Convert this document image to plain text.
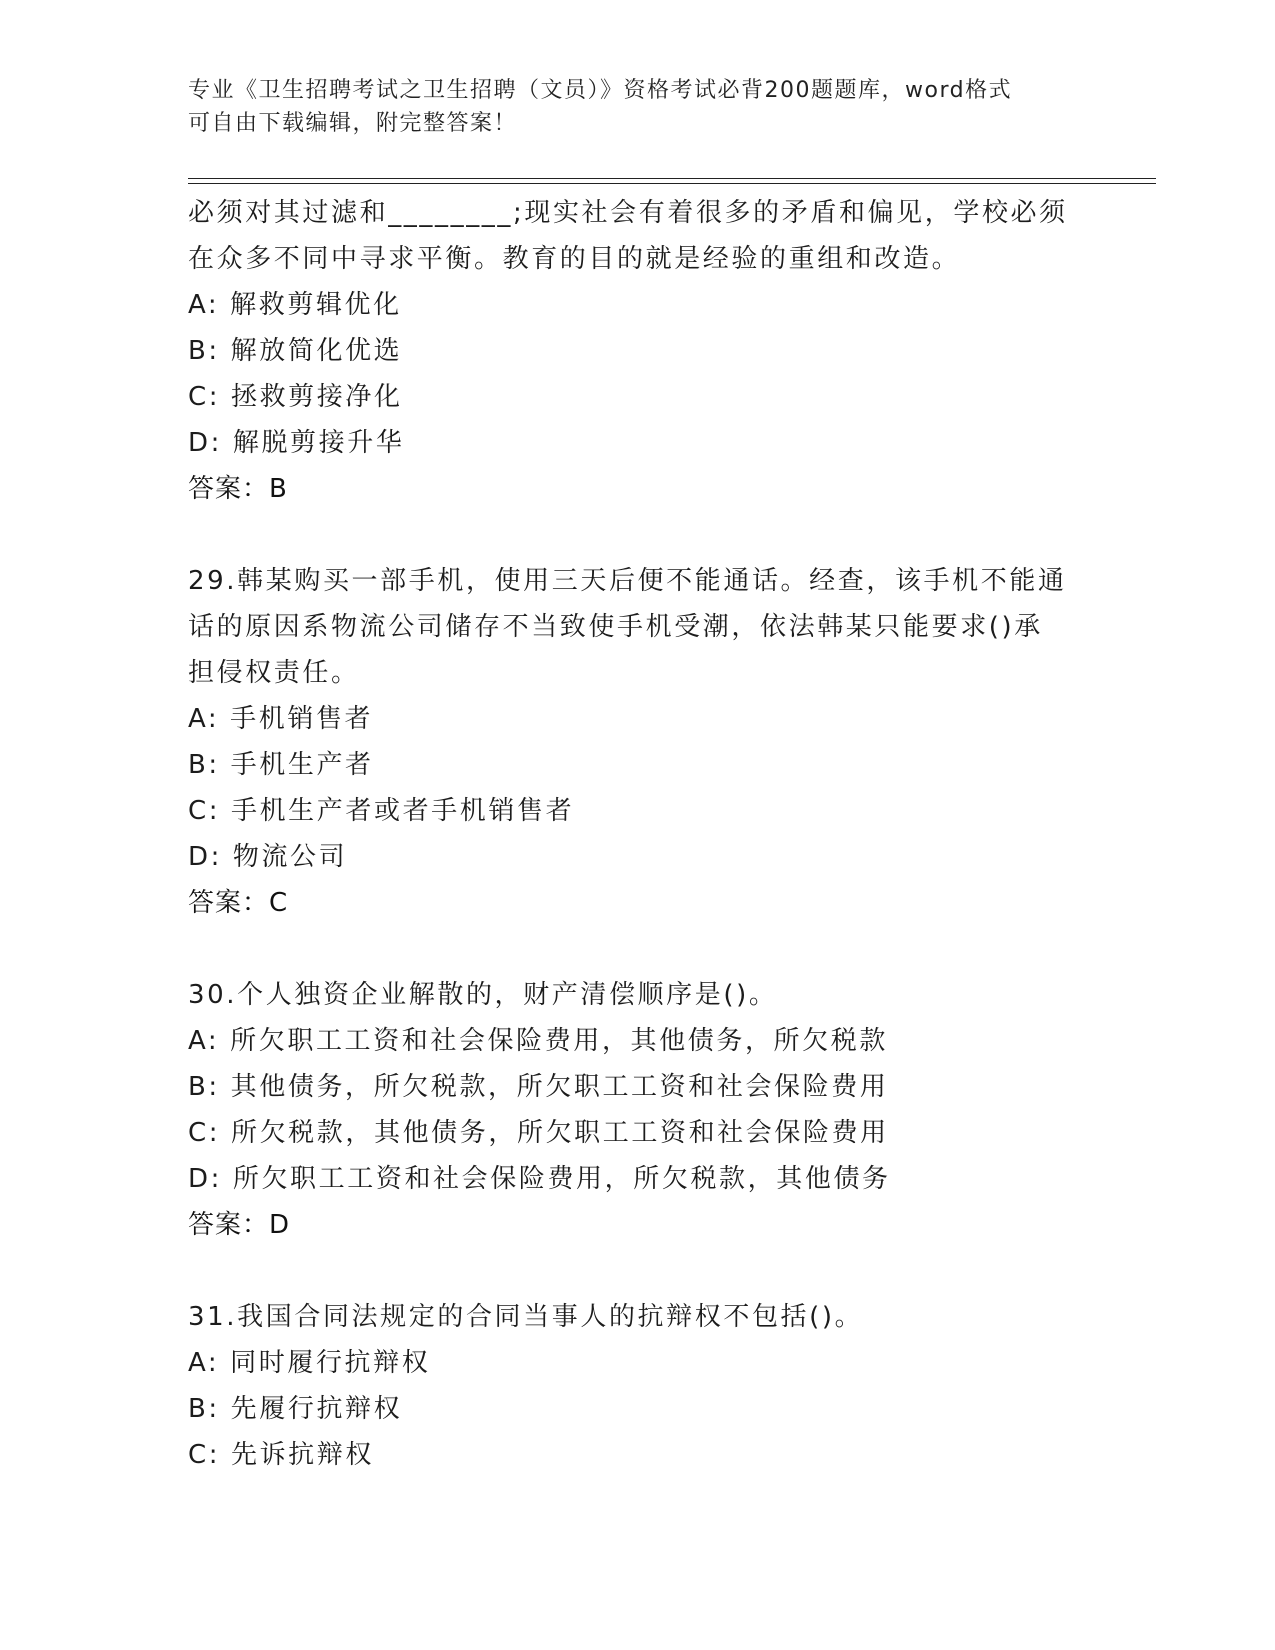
专业《卫生招聘考试之卫生招聘（文员）》资格考试必背200题题库，word格式
可自由下载编辑，附完整答案！
必须对其过滤和________;现实社会有着很多的矛盾和偏见，学校必须
在众多不同中寻求平衡。教育的目的就是经验的重组和改造。
A: 解救剪辑优化
B: 解放简化优选
C: 拯救剪接净化
D: 解脱剪接升华
答案：B
29.韩某购买一部手机，使用三天后便不能通话。经查，该手机不能通
话的原因系物流公司储存不当致使手机受潮，依法韩某只能要求()承
担侵权责任。
A: 手机销售者
B: 手机生产者
C: 手机生产者或者手机销售者
D: 物流公司
答案：C
30.个人独资企业解散的，财产清偿顺序是()。
A: 所欠职工工资和社会保险费用，其他债务，所欠税款
B: 其他债务，所欠税款，所欠职工工资和社会保险费用
C: 所欠税款，其他债务，所欠职工工资和社会保险费用
D: 所欠职工工资和社会保险费用，所欠税款，其他债务
答案：D
31.我国合同法规定的合同当事人的抗辩权不包括()。
A: 同时履行抗辩权
B: 先履行抗辩权
C: 先诉抗辩权
